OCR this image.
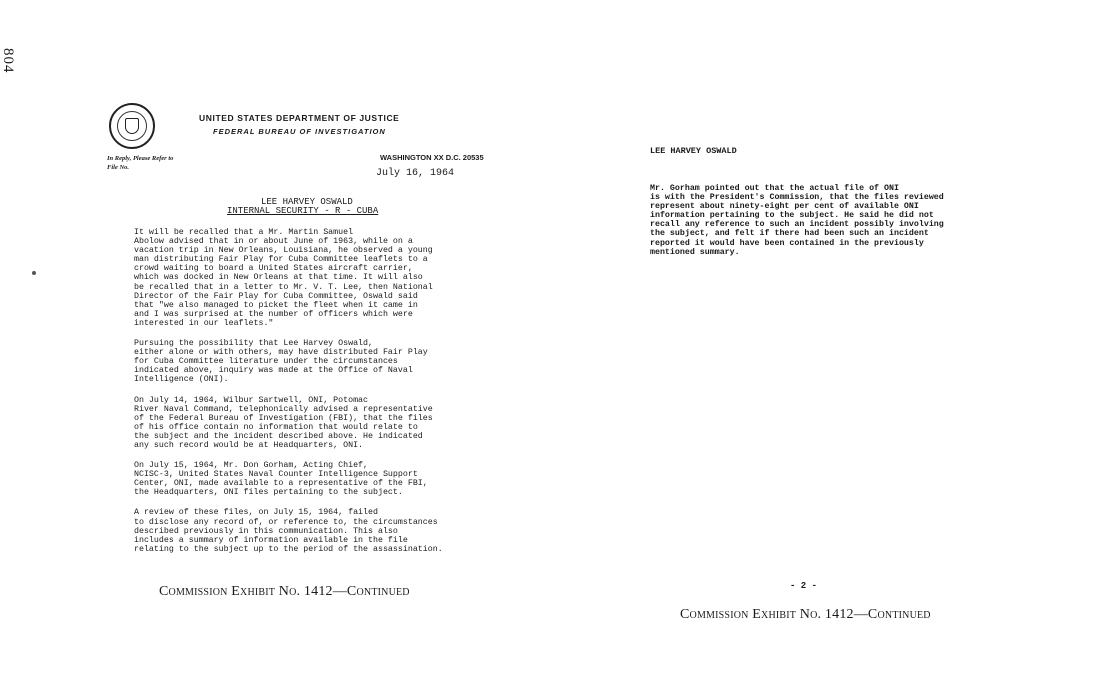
804
UNITED STATES DEPARTMENT OF JUSTICE
FEDERAL BUREAU OF INVESTIGATION
In Reply, Please Refer to
File No.
WASHINGTON XX D.C. 20535
July 16, 1964
LEE HARVEY OSWALD
INTERNAL SECURITY - R - CUBA

It will be recalled that a Mr. Martin Samuel
Abolow advised that in or about June of 1963, while on a
vacation trip in New Orleans, Louisiana, he observed a young
man distributing Fair Play for Cuba Committee leaflets to a
crowd waiting to board a United States aircraft carrier,
which was docked in New Orleans at that time. It will also
be recalled that in a letter to Mr. V. T. Lee, then National
Director of the Fair Play for Cuba Committee, Oswald said
that "we also managed to picket the fleet when it came in
and I was surprised at the number of officers which were
interested in our leaflets."

Pursuing the possibility that Lee Harvey Oswald,
either alone or with others, may have distributed Fair Play
for Cuba Committee literature under the circumstances
indicated above, inquiry was made at the Office of Naval
Intelligence (ONI).

On July 14, 1964, Wilbur Sartwell, ONI, Potomac
River Naval Command, telephonically advised a representative
of the Federal Bureau of Investigation (FBI), that the files
of his office contain no information that would relate to
the subject and the incident described above. He indicated
any such record would be at Headquarters, ONI.

On July 15, 1964, Mr. Don Gorham, Acting Chief,
NCISC-3, United States Naval Counter Intelligence Support
Center, ONI, made available to a representative of the FBI,
the Headquarters, ONI files pertaining to the subject.

A review of these files, on July 15, 1964, failed
to disclose any record of, or reference to, the circumstances
described previously in this communication. This also
includes a summary of information available in the file
relating to the subject up to the period of the assassination.

Commission Exhibit No. 1412—Continued
LEE HARVEY OSWALD
Mr. Gorham pointed out that the actual file of ONI
is with the President's Commission, that the files reviewed
represent about ninety-eight per cent of available ONI
information pertaining to the subject. He said he did not
recall any reference to such an incident possibly involving
the subject, and felt if there had been such an incident
reported it would have been contained in the previously
mentioned summary.
- 2 -
Commission Exhibit No. 1412—Continued
